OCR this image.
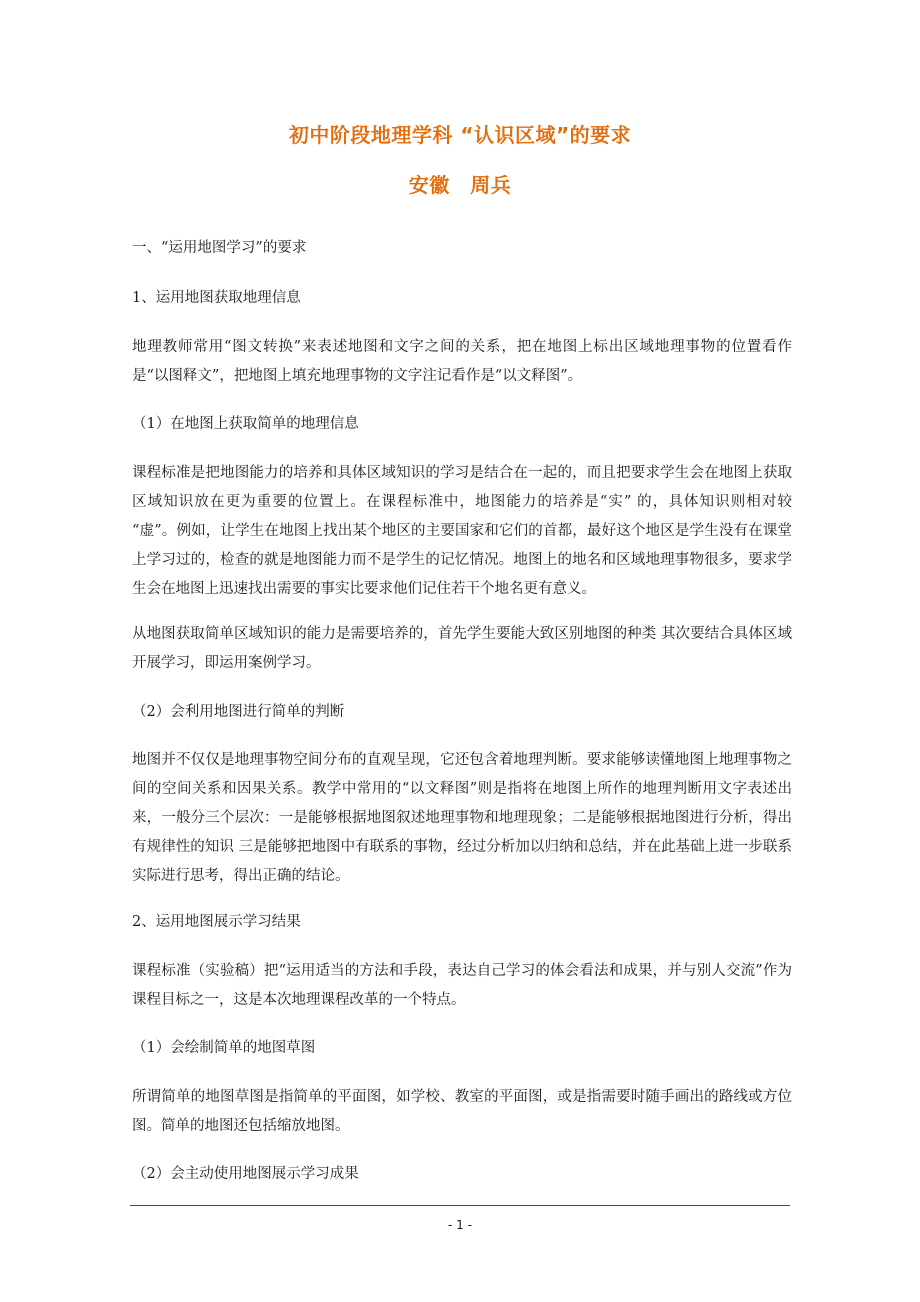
初中阶段地理学科 “认识区域”的要求
安徽　周兵
一、“运用地图学习”的要求
1、运用地图获取地理信息
地理教师常用“图文转换”来表述地图和文字之间的关系，把在地图上标出区域地理事物的位置看作是“以图释文”，把地图上填充地理事物的文字注记看作是“以文释图”。
（1）在地图上获取简单的地理信息
课程标准是把地图能力的培养和具体区域知识的学习是结合在一起的，而且把要求学生会在地图上获取区域知识放在更为重要的位置上。在课程标准中，地图能力的培养是“实” 的，具体知识则相对较 “虚”。例如，让学生在地图上找出某个地区的主要国家和它们的首都，最好这个地区是学生没有在课堂上学习过的，检查的就是地图能力而不是学生的记忆情况。地图上的地名和区域地理事物很多，要求学生会在地图上迅速找出需要的事实比要求他们记住若干个地名更有意义。
从地图获取简单区域知识的能力是需要培养的，首先学生要能大致区别地图的种类 其次要结合具体区域开展学习，即运用案例学习。
（2）会利用地图进行简单的判断
地图并不仅仅是地理事物空间分布的直观呈现，它还包含着地理判断。要求能够读懂地图上地理事物之间的空间关系和因果关系。教学中常用的“以文释图”则是指将在地图上所作的地理判断用文字表述出来，一般分三个层次：一是能够根据地图叙述地理事物和地理现象；二是能够根据地图进行分析，得出有规律性的知识 三是能够把地图中有联系的事物，经过分析加以归纳和总结，并在此基础上进一步联系实际进行思考，得出正确的结论。
2、运用地图展示学习结果
课程标准（实验稿）把“运用适当的方法和手段，表达自己学习的体会看法和成果，并与别人交流”作为课程目标之一，这是本次地理课程改革的一个特点。
（1）会绘制简单的地图草图
所谓简单的地图草图是指简单的平面图，如学校、教室的平面图，或是指需要时随手画出的路线或方位图。简单的地图还包括缩放地图。
（2）会主动使用地图展示学习成果
- 1 -
